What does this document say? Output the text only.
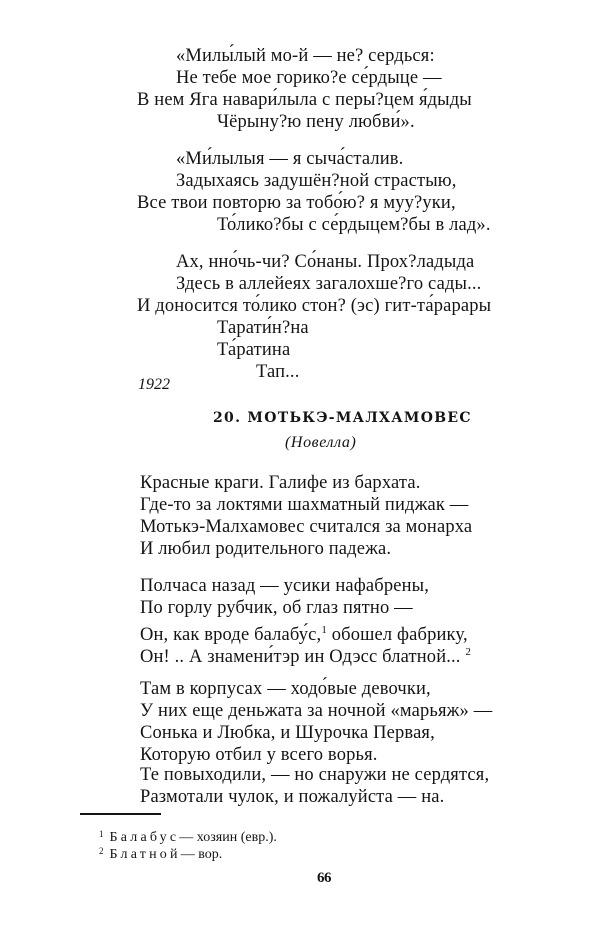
«Милы́лый мо-й — не? сердься:
Не тебе мое горико?е се́рдыце —
В нем Яга навари́лыла с перы?цем я́дыды
Чёрыну?ю пену любви́».
«Ми́лылыя — я сыча́сталив.
Задыхаясь задушён?ной страстыю,
Все твои повторю за тобо́ю? я муу?уки,
То́лико?бы с се́рдыцем?бы в лад».
Ах, нно́чь-чи? Со́наны. Прох?ладыда
Здесь в аллейеях загалохше?го сады...
И доносится то́лико стон? (эс) гит-та́рарары
Тарати́н?на
Та́ратина
Тап...
1922
20. МОТЬКЭ-МАЛХАМОВЕС
(Новелла)
Красные краги. Галифе из бархата.
Где-то за локтями шахматный пиджак —
Мотькэ-Малхамовес считался за монарха
И любил родительного падежа.
Полчаса назад — усики нафабрены,
По горлу рубчик, об глаз пятно —
Он, как вроде балабу́с,$^1$ обошел фабрику,
Он! .. А знамени́тэр ин Одэсс блатной... $^2$
Там в корпусах — ходо́вые девочки,
У них еще деньжата за ночной «марьяж» —
Сонька и Любка, и Шурочка Первая,
Которую отбил у всего ворья.
Те повыходили, — но снаружи не сердятся,
Размотали чулок, и пожалуйста — на.
$^1$ Балабус— хозяин (евр.).
$^2$ Блатной— вор.
66
